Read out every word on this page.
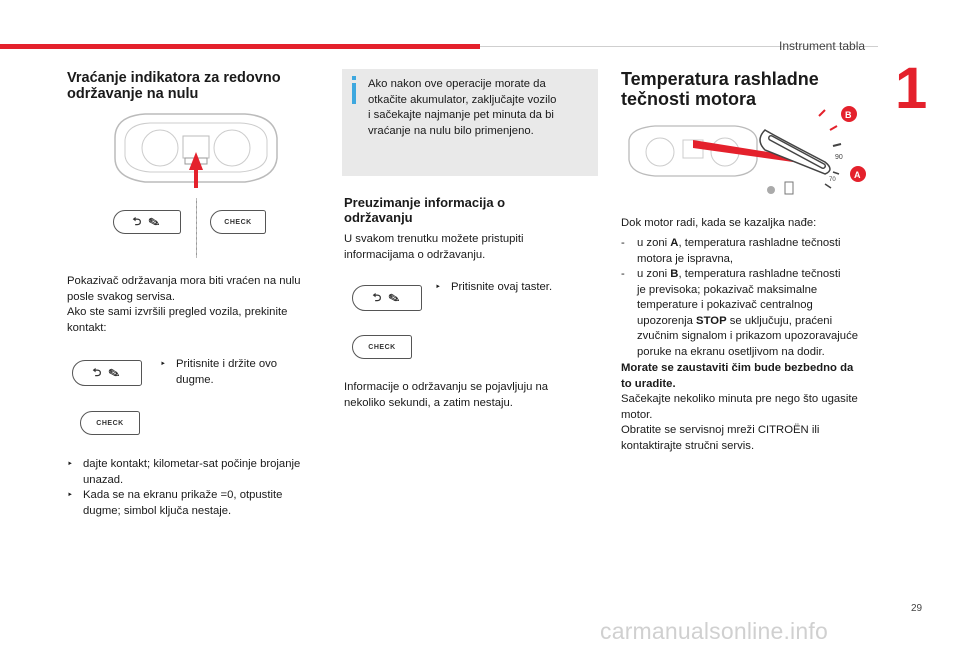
Instrument tabla
1
Vraćanje indikatora za redovno
održavanje na nulu
⮌ ✎	CHECK
Pokazivač održavanja mora biti vraćen na nulu
posle svakog servisa.
Ako ste sami izvršili pregled vozila, prekinite
kontakt:
⮌ ✎
‣ Pritisnite i držite ovo
dugme.
CHECK
‣ dajte kontakt; kilometar-sat počinje brojanje
unazad.
‣ Kada se na ekranu prikaže =0, otpustite
dugme; simbol ključa nestaje.
Ako nakon ove operacije morate da
otkačite akumulator, zaključajte vozilo
i sačekajte najmanje pet minuta da bi
vraćanje na nulu bilo primenjeno.
Preuzimanje informacija o
održavanju
U svakom trenutku možete pristupiti
informacijama o održavanju.
⮌ ✎
‣ Pritisnite ovaj taster.
CHECK
Informacije o održavanju se pojavljuju na
nekoliko sekundi, a zatim nestaju.
Temperatura rashladne
tečnosti motora
90
70
B
A
Dok motor radi, kada se kazaljka nađe:
- u zoni A, temperatura rashladne tečnosti
motora je ispravna,
- u zoni B, temperatura rashladne tečnosti
je previsoka; pokazivač maksimalne
temperature i pokazivač centralnog
upozorenja STOP se uključuju, praćeni
zvučnim signalom i prikazom upozoravajuće
poruke na ekranu osetljivom na dodir.
Morate se zaustaviti čim bude bezbedno da
to uradite.
Sačekajte nekoliko minuta pre nego što ugasite
motor.
Obratite se servisnoj mreži CITROËN ili
kontaktirajte stručni servis.
29
carmanualsonline.info
